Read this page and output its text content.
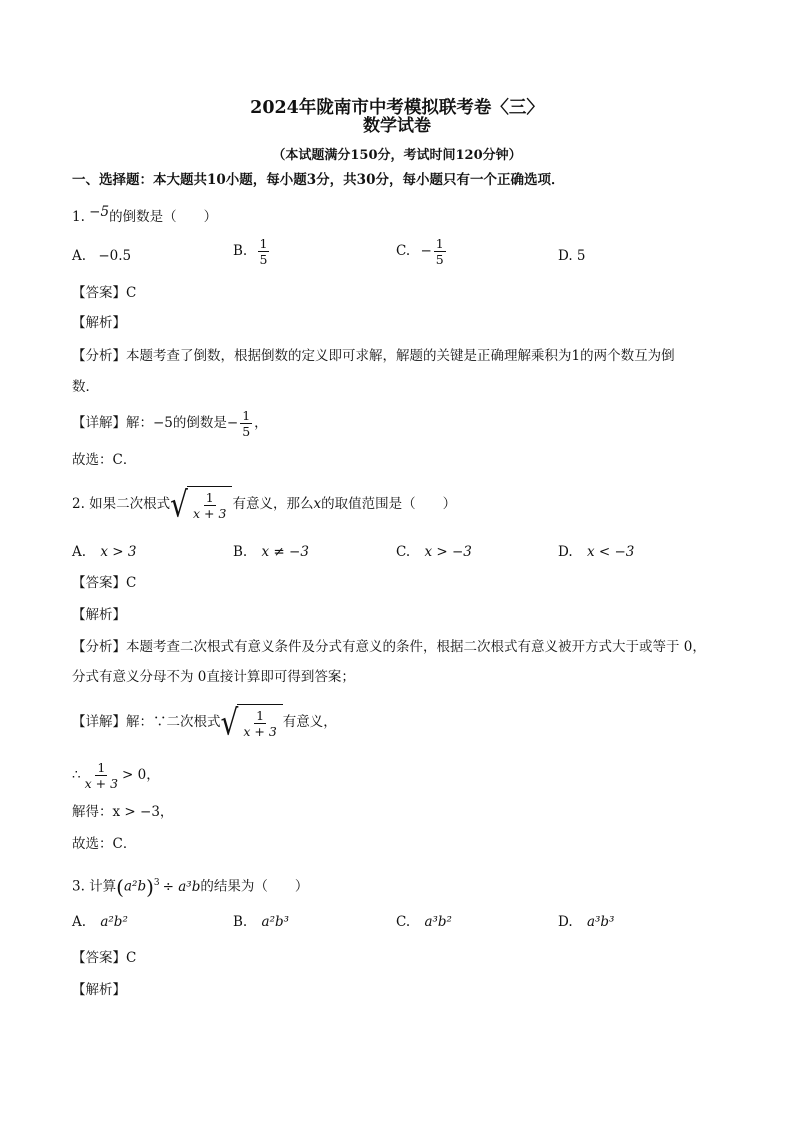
2024年陇南市中考模拟联考卷〈三〉
数学试卷
（本试题满分150分，考试时间120分钟）
一、选择题：本大题共10小题，每小题3分，共30分，每小题只有一个正确选项．
1. −5的倒数是（　　）
A. −0.5	B. $\frac{1}{5}$	C. − $\frac{1}{5}$	D. 5
【答案】C
【解析】
【分析】本题考查了倒数，根据倒数的定义即可求解，解题的关键是正确理解乘积为1的两个数互为倒
数．
【详解】解：−5的倒数是− $\frac{1}{5}$ ，
故选：C．
2. 如果二次根式 √ $\frac{1}{x + 3}$ 有意义，那么x的取值范围是（　　）
A. x > 3	B. x ≠ −3	C. x > −3	D. x < −3
【答案】C
【解析】
【分析】本题考查二次根式有意义条件及分式有意义的条件，根据二次根式有意义被开方式大于或等于 0，
分式有意义分母不为 0直接计算即可得到答案；
【详解】解：∵二次根式 √ $\frac{1}{x + 3}$ 有意义，
∴ $\frac{1}{x + 3} > 0$，
解得：x > −3，
故选：C．
3. 计算$(a^2b)^3 \div a^3b$的结果为（　　）
A. a²b²	B. a²b³	C. a³b²	D. a³b³
【答案】C
【解析】
